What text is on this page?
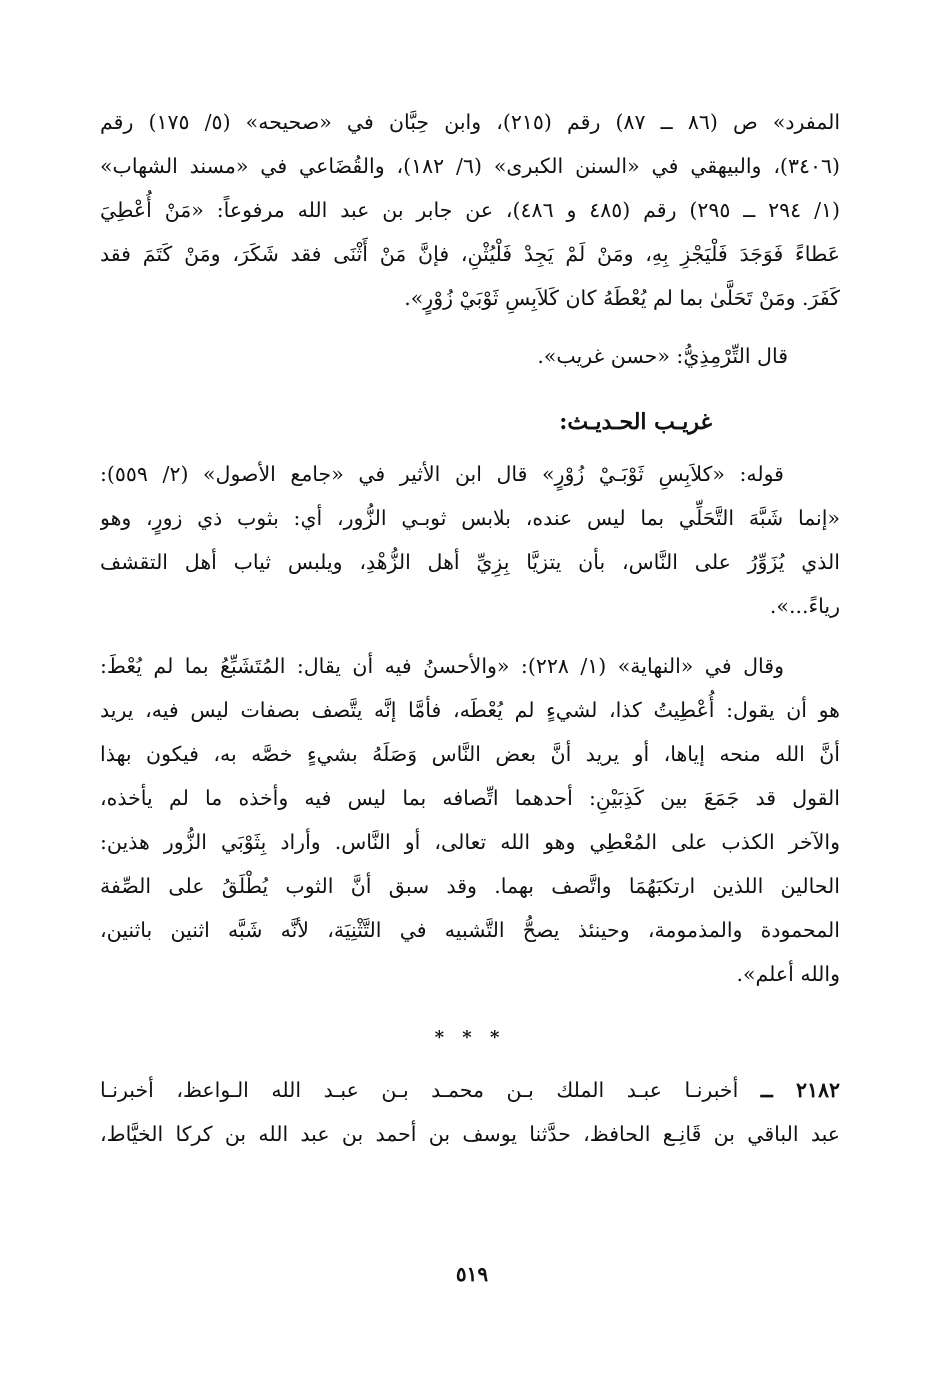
المفرد» ص (٨٦ ــ ٨٧) رقم (٢١٥)، وابن حِبَّان في «صحيحه» (٥/ ١٧٥) رقم
(٣٤٠٦)، والبيهقي في «السنن الكبرى» (٦/ ١٨٢)، والقُضَاعي في «مسند الشهاب»
(١/ ٢٩٤ ــ ٢٩٥) رقم (٤٨٥ و ٤٨٦)، عن جابر بن عبد الله مرفوعاً: «مَنْ أُعْطِيَ
عَطاءً فَوَجَدَ فَلْيَجْزِ بِهِ، ومَنْ لَمْ يَجِدْ فَلْيُثْنِ، فإنَّ مَنْ أَثْنَى فقد شَكَرَ، ومَنْ كَتَمَ فقد
كَفَرَ. ومَنْ تَحَلَّىٰ بما لم يُعْطَهُ كان كَلاَبِسِ ثَوْبَيْ زُوْرٍ».
قال التِّرْمِذِيُّ: «حسن غريب».
غريـب الحـديـث:
قوله: «كلاَبِسِ ثَوْبَـيْ زُوْرٍ» قال ابن الأثير في «جامع الأصول» (٢/ ٥٥٩):
«إنما شَبَّهَ التَّحَلِّي بما ليس عنده، بلابس ثوبـي الزُّور، أي: بثوب ذي زورٍ، وهو
الذي يُزَوِّرُ على النَّاس، بأن يتزيَّا بِزِيِّ أهل الزُّهْدِ، ويلبس ثياب أهل التقشف
رياءً...».
وقال في «النهاية» (١/ ٢٢٨): «والأحسنُ فيه أن يقال: المُتَشَبِّعُ بما لم يُعْطَ:
هو أن يقول: أُعْطِيتُ كذا، لشيءٍ لم يُعْطَه، فأمَّا إنَّه يتَّصف بصفات ليس فيه، يريد
أنَّ الله منحه إياها، أو يريد أنَّ بعض النَّاس وَصَلَهُ بشيءٍ خصَّه به، فيكون بهذا
القول قد جَمَعَ بين كَذِبَيْنِ: أحدهما اتِّصافه بما ليس فيه وأخذه ما لم يأخذه،
والآخر الكذب على المُعْطِي وهو الله تعالى، أو النَّاس. وأراد بِثَوْبَي الزُّور هذين:
الحالين اللذين ارتكبَهُمَا واتَّصف بهما. وقد سبق أنَّ الثوب يُطْلَقُ على الصِّفة
المحمودة والمذمومة، وحينئذ يصحُّ التَّشبيه في التَّثْنِيَة، لأنَّه شَبَّه اثنين باثنين،
والله أعلم».
* * *
٢١٨٢ ــ أخبرنـا عبـد الملك بـن محمـد بـن عبـد الله الـواعظ، أخبرنـا
عبد الباقي بن قَانِـع الحافظ، حدَّثنا يوسف بن أحمد بن عبد الله بن كركا الخيَّاط،
٥١٩
